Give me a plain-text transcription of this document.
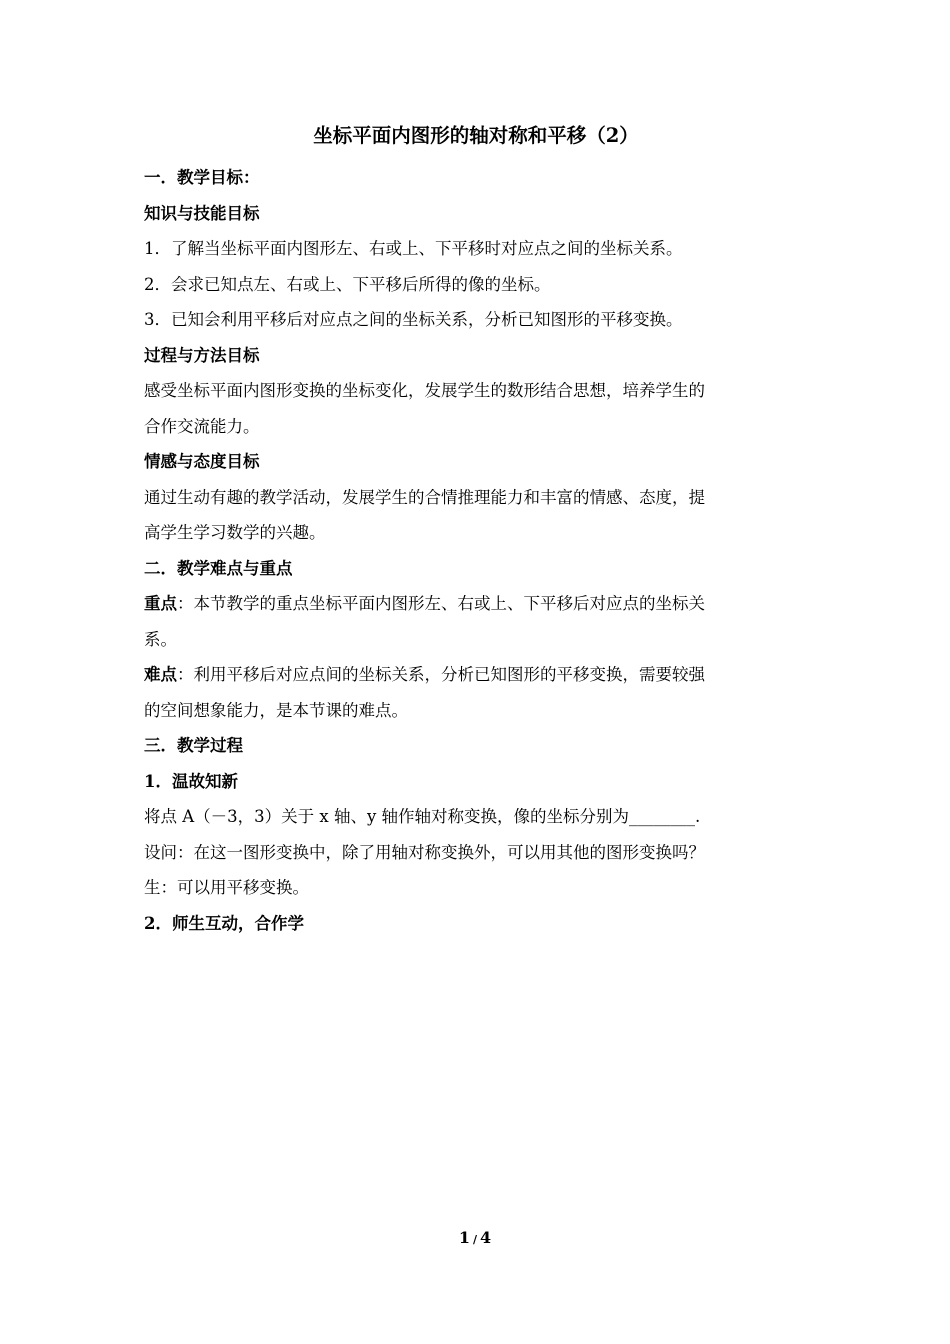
坐标平面内图形的轴对称和平移（2）

一．教学目标：

知识与技能目标

1．了解当坐标平面内图形左、右或上、下平移时对应点之间的坐标关系。

2．会求已知点左、右或上、下平移后所得的像的坐标。

3．已知会利用平移后对应点之间的坐标关系，分析已知图形的平移变换。

过程与方法目标

感受坐标平面内图形变换的坐标变化，发展学生的数形结合思想，培养学生的

合作交流能力。

情感与态度目标

通过生动有趣的教学活动，发展学生的合情推理能力和丰富的情感、态度，提

高学生学习数学的兴趣。

二．教学难点与重点

重点：本节教学的重点坐标平面内图形左、右或上、下平移后对应点的坐标关

系。

难点：利用平移后对应点间的坐标关系，分析已知图形的平移变换，需要较强

的空间想象能力，是本节课的难点。

三．教学过程

1．温故知新

将点 A（－3，3）关于 x 轴、y 轴作轴对称变换，像的坐标分别为________.

设问：在这一图形变换中，除了用轴对称变换外，可以用其他的图形变换吗？

生：可以用平移变换。

2．师生互动，合作学

1 / 4
